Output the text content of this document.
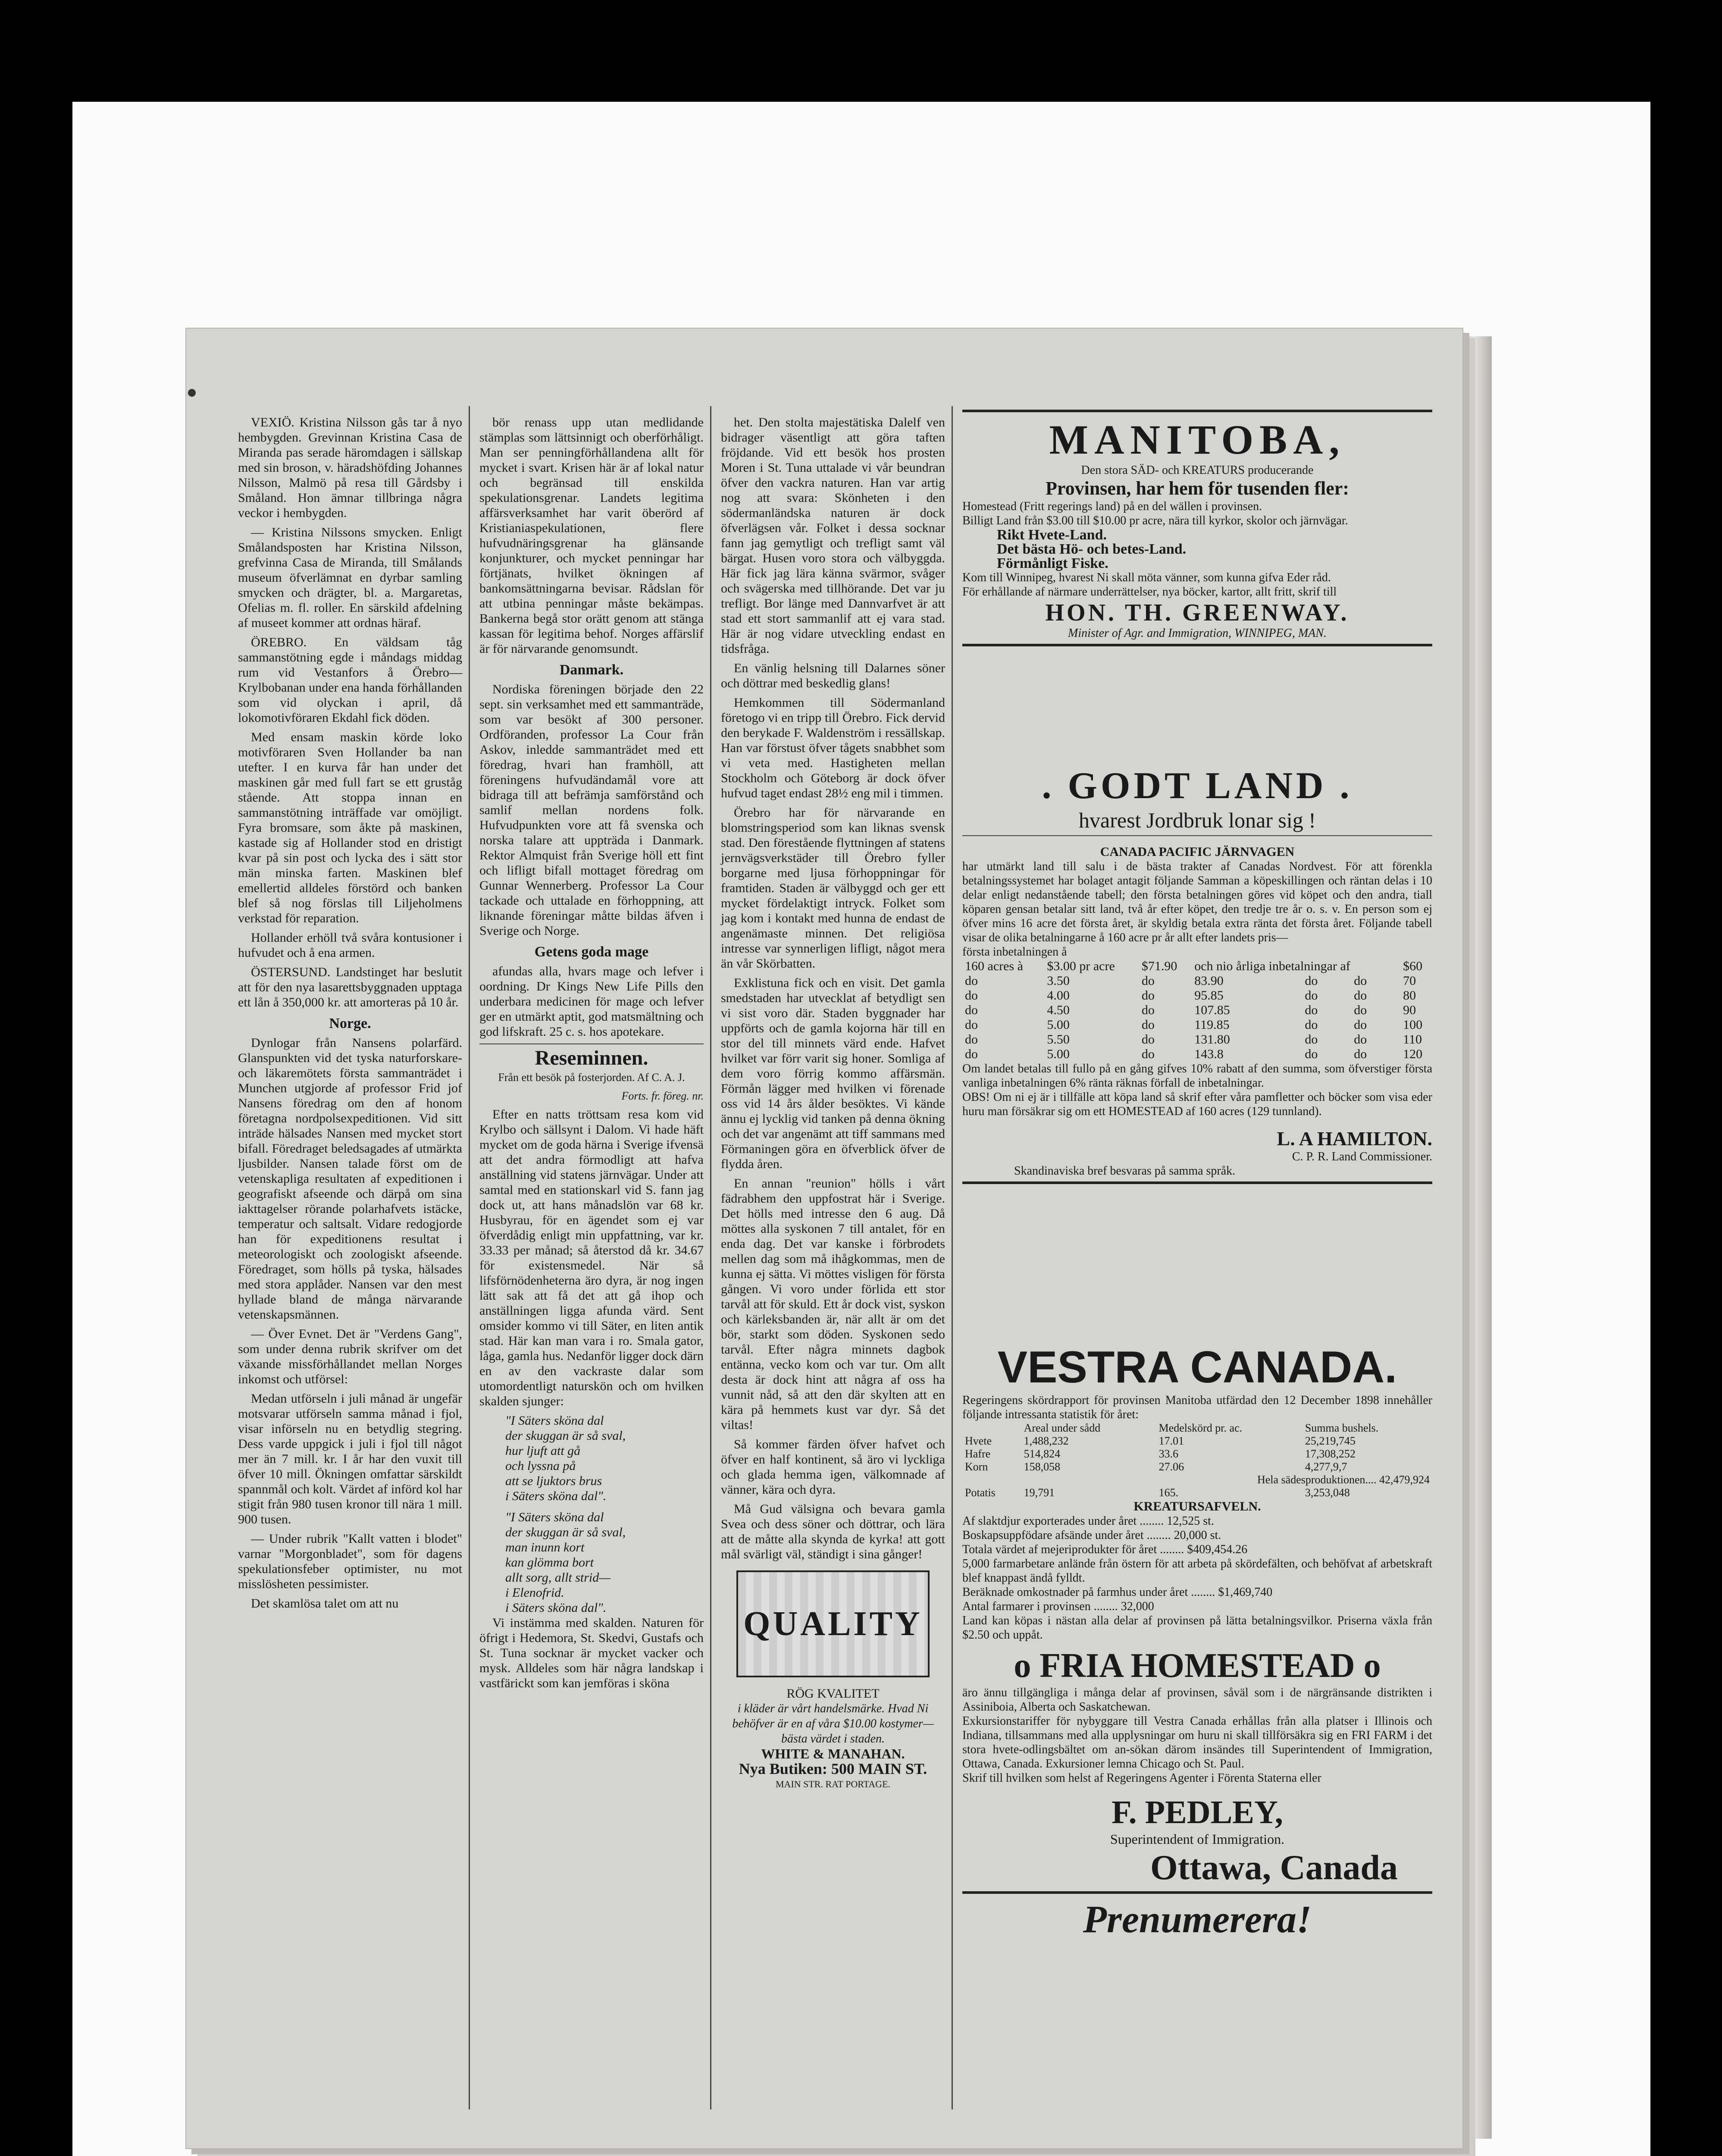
VEXIÖ. Kristina Nilsson gås tar å nyo hembygden. Grevinnan Kristina Casa de Miranda pas serade häromdagen i sällskap med sin broson, v. häradshöfding Johannes Nilsson, Malmö på resa till Gårdsby i Småland. Hon ämnar tillbringa några veckor i hembygden.

— Kristina Nilssons smycken. Enligt Smålandsposten har Kristina Nilsson, grefvinna Casa de Miranda, till Smålands museum öfverlämnat en dyrbar samling smycken och drägter, bl. a. Margaretas, Ofelias m. fl. roller. En särskild afdelning af museet kommer att ordnas häraf.

ÖREBRO. En väldsam tåg sammanstötning egde i måndags middag rum vid Vestanfors å Örebro—Krylbobanan under ena handa förhållanden som vid olyckan i april, då lokomotivföraren Ekdahl fick döden.

Med ensam maskin körde loko motivföraren Sven Hollander ba nan utefter. I en kurva får han under det maskinen går med full fart se ett gruståg stående. Att stoppa innan en sammanstötning inträffade var omöjligt. Fyra bromsare, som åkte på maskinen, kastade sig af Hollander stod en dristigt kvar på sin post och lycka des i sätt stor män minska farten. Maskinen blef emellertid alldeles förstörd och banken blef så nog förslas till Liljeholmens verkstad för reparation.

Hollander erhöll två svåra kontusioner i hufvudet och å ena armen.

ÖSTERSUND. Landstinget har beslutit att för den nya lasarettsbyggnaden upptaga ett lån å 350,000 kr. att amorteras på 10 år.

Norge.

Dynlogar från Nansens polarfärd. Glanspunkten vid det tyska naturforskare- och läkaremötets första sammanträdet i Munchen utgjorde af professor Frid jof Nansens föredrag om den af honom företagna nordpolsexpeditionen. Vid sitt inträde hälsades Nansen med mycket stort bifall. Föredraget beledsagades af utmärkta ljusbilder. Nansen talade först om de vetenskapliga resultaten af expeditionen i geografiskt afseende och därpå om sina iakttagelser rörande polarhafvets istäcke, temperatur och saltsalt. Vidare redogjorde han för expeditionens resultat i meteorologiskt och zoologiskt afseende. Föredraget, som hölls på tyska, hälsades med stora applåder. Nansen var den mest hyllade bland de många närvarande vetenskapsmännen.

— Över Evnet. Det är "Verdens Gang", som under denna rubrik skrifver om det växande missförhållandet mellan Norges inkomst och utförsel:

Medan utförseln i juli månad är ungefär motsvarar utförseln samma månad i fjol, visar införseln nu en betydlig stegring. Dess varde uppgick i juli i fjol till något mer än 7 mill. kr. I år har den vuxit till öfver 10 mill. Ökningen omfattar särskildt spannmål och kolt. Värdet af införd kol har stigit från 980 tusen kronor till nära 1 mill. 900 tusen.

— Under rubrik "Kallt vatten i blodet" varnar "Morgonbladet", som för dagens spekulationsfeber optimister, nu mot misslösheten pessimister.

Det skamlösa talet om att nu

bör renass upp utan medlidande stämplas som lättsinnigt och oberförhåligt. Man ser penningförhållandena allt för mycket i svart. Krisen här är af lokal natur och begränsad till enskilda spekulationsgrenar. Landets legitima affärsverksamhet har varit öberörd af Kristianiaspekulationen, flere hufvudnäringsgrenar ha glänsande konjunkturer, och mycket penningar har förtjänats, hvilket ökningen af bankomsättningarna bevisar. Rådslan för att utbina penningar måste bekämpas. Bankerna begå stor orätt genom att stänga kassan för legitima behof. Norges affärslif är för närvarande genomsundt.

Danmark.

Nordiska föreningen började den 22 sept. sin verksamhet med ett sammanträde, som var besökt af 300 personer. Ordföranden, professor La Cour från Askov, inledde sammanträdet med ett föredrag, hvari han framhöll, att föreningens hufvudändamål vore att bidraga till att befrämja samförstånd och samlif mellan nordens folk. Hufvudpunkten vore att få svenska och norska talare att uppträda i Danmark. Rektor Almquist från Sverige höll ett fint och lifligt bifall mottaget föredrag om Gunnar Wennerberg. Professor La Cour tackade och uttalade en förhoppning, att liknande föreningar måtte bildas äfven i Sverige och Norge.

Getens goda mage

afundas alla, hvars mage och lefver i oordning. Dr Kings New Life Pills den underbara medicinen för mage och lefver ger en utmärkt aptit, god matsmältning och god lifskraft. 25 c. s. hos apotekare.

Reseminnen.
Från ett besök på fosterjorden. Af C. A. J.
Forts. fr. föreg. nr.

Efter en natts tröttsam resa kom vid Krylbo och sällsynt i Dalom. Vi hade häft mycket om de goda härna i Sverige ifvensä att det andra förmodligt att hafva anställning vid statens järnvägar. Under att samtal med en stationskarl vid S. fann jag dock ut, att hans månadslön var 68 kr. Husbyrau, för en ägendet som ej var öfverdådig enligt min uppfattning, var kr. 33.33 per månad; så återstod då kr. 34.67 för existensmedel. När så lifsförnödenheterna äro dyra, är nog ingen lätt sak att få det att gå ihop och anställningen ligga afunda värd. Sent omsider kommo vi till Säter, en liten antik stad. Här kan man vara i ro. Smala gator, låga, gamla hus. Nedanför ligger dock därn en av den vackraste dalar som utomordentligt naturskön och om hvilken skalden sjunger:

"I Säters sköna dal
der skuggan är så sval,
hur ljuft att gå
och lyssna på
att se ljuktors brus
i Säters sköna dal".
"I Säters sköna dal
der skuggan är så sval,
man inunn kort
kan glömma bort
allt sorg, allt strid—
i Elenofrid.
i Säters sköna dal".

Vi instämma med skalden. Naturen för öfrigt i Hedemora, St. Skedvi, Gustafs och St. Tuna socknar är mycket vacker och mysk. Alldeles som här några landskap i vastfärickt som kan jemföras i sköna

het. Den stolta majestätiska Dalelf ven bidrager väsentligt att göra taften fröjdande. Vid ett besök hos prosten Moren i St. Tuna uttalade vi vår beundran öfver den vackra naturen. Han var artig nog att svara: Skönheten i den södermanländska naturen är dock öfverlägsen vår. Folket i dessa socknar fann jag gemytligt och trefligt samt väl bärgat. Husen voro stora och välbyggda. Här fick jag lära känna svärmor, svåger och svägerska med tillhörande. Det var ju trefligt. Bor länge med Dannvarfvet är att stad ett stort sammanlif att ej vara stad. Här är nog vidare utveckling endast en tidsfråga.

En vänlig helsning till Dalarnes söner och döttrar med beskedlig glans!

Hemkommen till Södermanland företogo vi en tripp till Örebro. Fick dervid den berykade F. Waldenström i ressällskap. Han var förstust öfver tågets snabbhet som vi veta med. Hastigheten mellan Stockholm och Göteborg är dock öfver hufvud taget endast 28½ eng mil i timmen.

Örebro har för närvarande en blomstringsperiod som kan liknas svensk stad. Den förestående flyttningen af statens jernvägsverkstäder till Örebro fyller borgarne med ljusa förhoppningar för framtiden. Staden är välbyggd och ger ett mycket fördelaktigt intryck. Folket som jag kom i kontakt med hunna de endast de angenämaste minnen. Det religiösa intresse var synnerligen lifligt, något mera än vår Skörbatten.

Exklistuna fick och en visit. Det gamla smedstaden har utvecklat af betydligt sen vi sist voro där. Staden byggnader har uppförts och de gamla kojorna här till en stor del till minnets värd ende. Hafvet hvilket var förr varit sig honer. Somliga af dem voro förrig kommo affärsmän. Förmån lägger med hvilken vi förenade oss vid 14 års ålder besöktes. Vi kände ännu ej lycklig vid tanken på denna ökning och det var angenämt att tiff sammans med Förmaningen göra en öfverblick öfver de flydda åren.

En annan "reunion" hölls i vårt fädrabhem den uppfostrat här i Sverige. Det hölls med intresse den 6 aug. Då möttes alla syskonen 7 till antalet, för en enda dag. Det var kanske i förbrodets mellen dag som må ihågkommas, men de kunna ej sätta. Vi möttes visligen för första gången. Vi voro under förlida ett stor tarvål att för skuld. Ett år dock vist, syskon och kärleksbanden är, när allt är om det bör, starkt som döden. Syskonen sedo tarvål. Efter några minnets dagbok entänna, vecko kom och var tur. Om allt desta är dock hint att några af oss ha vunnit nåd, så att den där skylten att en kära på hemmets kust var dyr. Så det viltas!

Så kommer färden öfver hafvet och öfver en half kontinent, så äro vi lyckliga och glada hemma igen, välkomnade af vänner, kära och dyra.

Må Gud välsigna och bevara gamla Svea och dess söner och döttrar, och lära att de måtte alla skynda de kyrka! att gott mål svärligt väl, ständigt i sina gånger!

QUALITY
RÖG KVALITET
i kläder är vårt handelsmärke. Hvad Ni behöfver är en af våra $10.00 kostymer—bästa värdet i staden.
WHITE & MANAHAN.
Nya Butiken: 500 MAIN ST.
MAIN STR. RAT PORTAGE.
MANITOBA,
Den stora SÄD- och KREATURS producerande
Provinsen, har hem för tusenden fler:
Homestead (Fritt regerings land) på en del wällen i provinsen.
Billigt Land från $3.00 till $10.00 pr acre, nära till kyrkor, skolor och järnvägar.
Rikt Hvete-Land.
Det bästa Hö- och betes-Land.
Förmånligt Fiske.
Kom till Winnipeg, hvarest Ni skall möta vänner, som kunna gifva Eder råd.
För erhållande af närmare underrättelser, nya böcker, kartor, allt fritt, skrif till
HON. TH. GREENWAY.
Minister of Agr. and Immigration, WINNIPEG, MAN.
. GODT LAND .
hvarest Jordbruk lonar sig !
CANADA PACIFIC JÄRNVAGEN
har utmärkt land till salu i de bästa trakter af Canadas Nordvest. För att förenkla betalningssystemet har bolaget antagit följande Samman a köpeskillingen och räntan delas i 10 delar enligt nedanstående tabell; den första betalningen göres vid köpet och den andra, tiall köparen gensan betalar sitt land, två år efter köpet, den tredje tre år o. s. v. En person som ej öfver mins 16 acre det första året, är skyldig betala extra ränta det första året. Följande tabell visar de olika betalningarne å 160 acre pr år allt efter landets pris—
första inbetalningen å
160 acres à	$3.00 pr acre	$71.90	och nio årliga inbetalningar af			$60
do	3.50	do	83.90	do	do	70
do	4.00	do	95.85	do	do	80
do	4.50	do	107.85	do	do	90
do	5.00	do	119.85	do	do	100
do	5.50	do	131.80	do	do	110
do	5.00	do	143.8	do	do	120
Om landet betalas till fullo på en gång gifves 10% rabatt af den summa, som öfverstiger första vanliga inbetalningen 6% ränta räknas förfall de inbetalningar.
OBS! Om ni ej är i tillfälle att köpa land så skrif efter våra pamfletter och böcker som visa eder huru man försäkrar sig om ett HOMESTEAD af 160 acres (129 tunnland).
L. A HAMILTON.
C. P. R. Land Commissioner.
Skandinaviska bref besvaras på samma språk.
VESTRA CANADA.
Regeringens skördrapport för provinsen Manitoba utfärdad den 12 December 1898 innehåller följande intressanta statistik för året:
	Areal under sådd	Medelskörd pr. ac.	Summa bushels.
Hvete	1,488,232	17.01	25,219,745
Hafre	514,824	33.6	17,308,252
Korn	158,058	27.06	4,277,9,7
Hela sädesproduktionen.... 42,479,924			
Potatis	19,791	165.	3,253,048
KREATURSAFVELN.
Af slaktdjur exporterades under året ........ 12,525 st.
Boskapsuppfödare afsände under året ........ 20,000 st.
Totala värdet af mejeriprodukter för året ........ $409,454.26
5,000 farmarbetare anlände från östern för att arbeta på skördefälten, och behöfvat af arbetskraft blef knappast ändå fylldt.
Beräknade omkostnader på farmhus under året ........ $1,469,740
Antal farmarer i provinsen ........ 32,000
Land kan köpas i nästan alla delar af provinsen på lätta betalningsvilkor. Priserna växla från $2.50 och uppåt.
o FRIA HOMESTEAD o
äro ännu tillgängliga i många delar af provinsen, såväl som i de närgränsande distrikten i Assiniboia, Alberta och Saskatchewan.
Exkursionstariffer för nybyggare till Vestra Canada erhållas från alla platser i Illinois och Indiana, tillsammans med alla upplysningar om huru ni skall tillförsäkra sig en FRI FARM i det stora hvete-odlingsbältet om an-sökan därom insändes till Superintendent of Immigration, Ottawa, Canada. Exkursioner lemna Chicago och St. Paul.
Skrif till hvilken som helst af Regeringens Agenter i Förenta Staterna eller
F. PEDLEY,
Superintendent of Immigration.
Ottawa, Canada
Prenumerera!
